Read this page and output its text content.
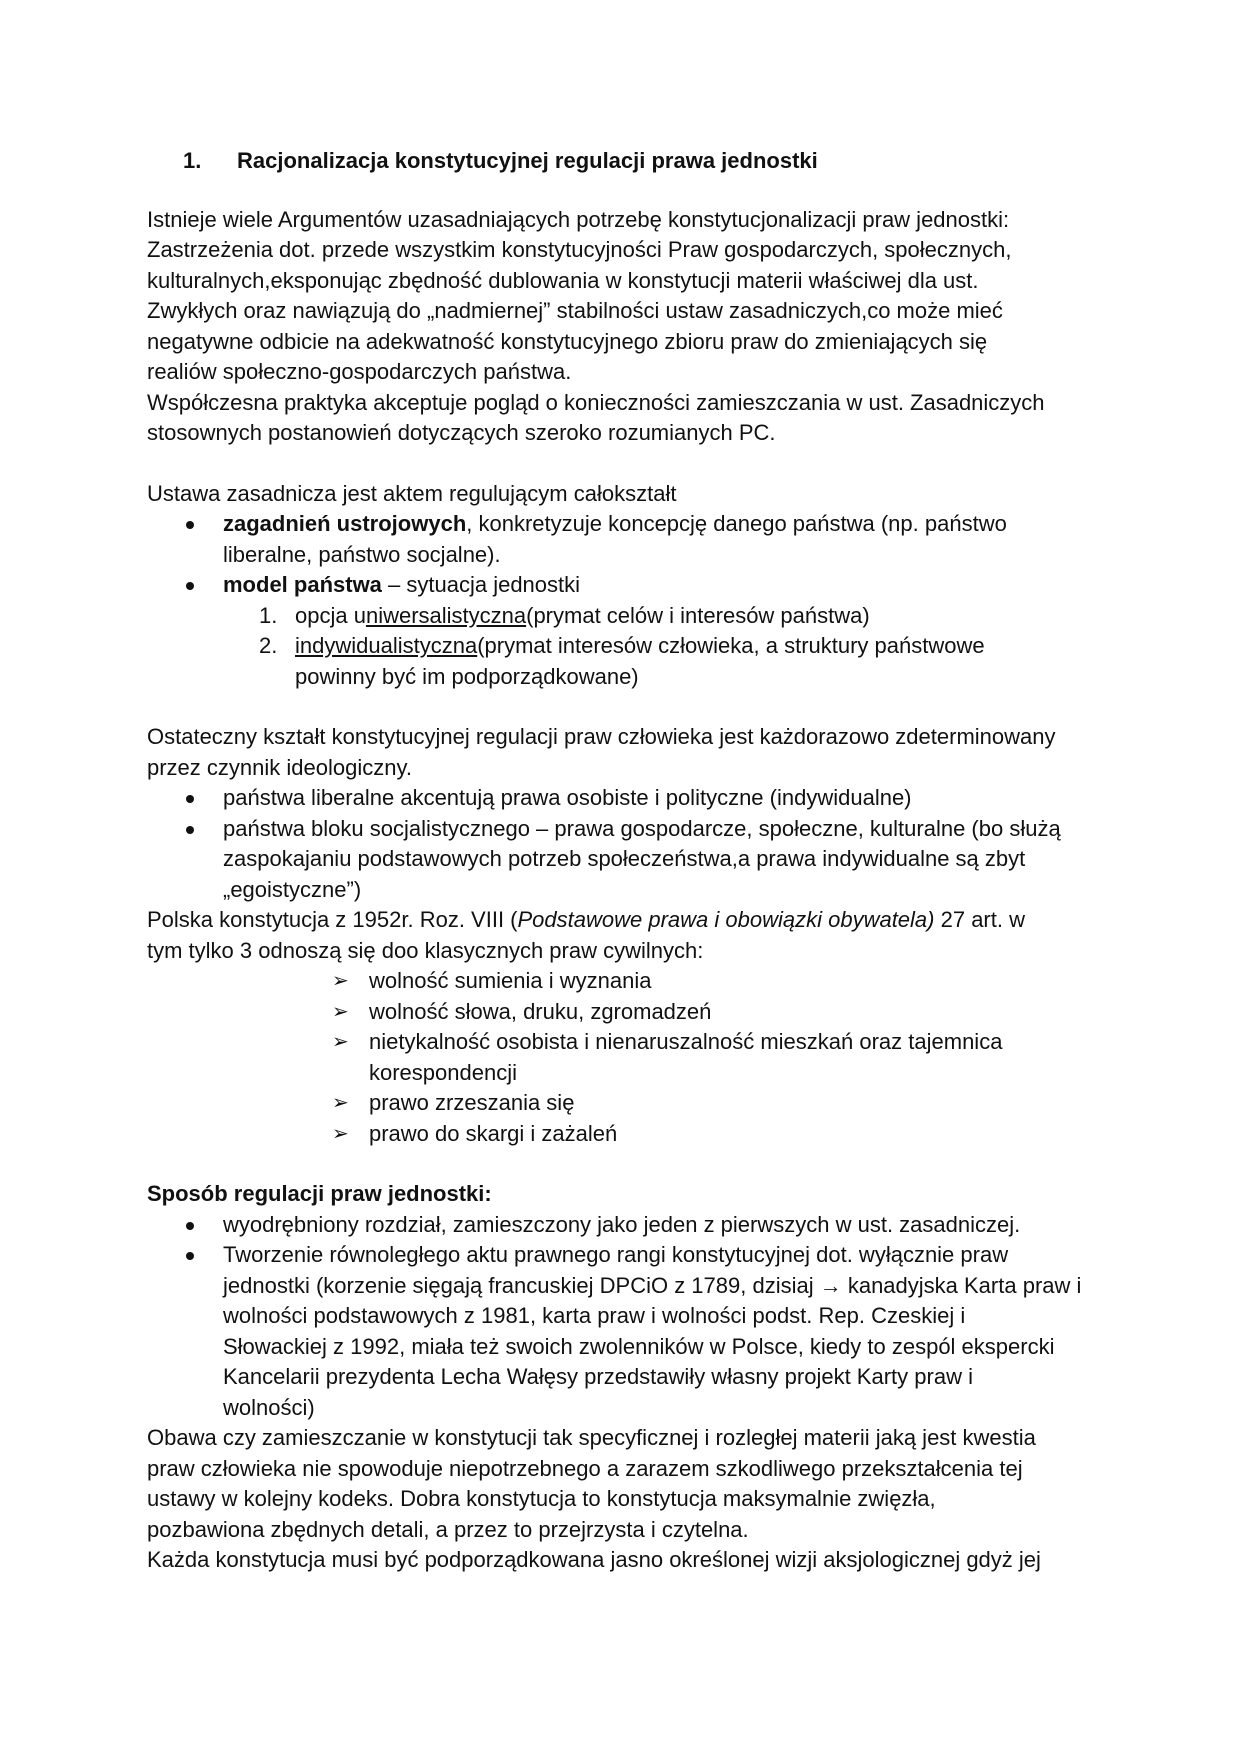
1.	Racjonalizacja konstytucyjnej regulacji prawa jednostki
Istnieje wiele Argumentów uzasadniających potrzebę konstytucjonalizacji praw jednostki:
Zastrzeżenia dot. przede wszystkim konstytucyjności Praw gospodarczych, społecznych,
kulturalnych,eksponując zbędność dublowania w konstytucji materii właściwej dla ust.
Zwykłych oraz nawiązują do „nadmiernej” stabilności ustaw zasadniczych,co może mieć
negatywne odbicie na adekwatność konstytucyjnego zbioru praw do zmieniających się
realiów społeczno-gospodarczych państwa.
Współczesna praktyka akceptuje pogląd o konieczności zamieszczania w ust. Zasadniczych
stosownych postanowień dotyczących szeroko rozumianych PC.
Ustawa zasadnicza jest aktem regulującym całokształt
zagadnień ustrojowych, konkretyzuje koncepcję danego państwa (np. państwo
liberalne, państwo socjalne).
model państwa – sytuacja jednostki
1. opcja uniwersalistyczna(prymat celów i interesów państwa)
2. indywidualistyczna(prymat interesów człowieka, a struktury państwowe
powinny być im podporządkowane)
Ostateczny kształt konstytucyjnej regulacji praw człowieka jest każdorazowo zdeterminowany
przez czynnik ideologiczny.
państwa liberalne akcentują prawa osobiste i polityczne (indywidualne)
państwa bloku socjalistycznego – prawa gospodarcze, społeczne, kulturalne (bo służą
zaspokajaniu podstawowych potrzeb społeczeństwa,a prawa indywidualne są zbyt
„egoistyczne”)
Polska konstytucja z 1952r. Roz. VIII (Podstawowe prawa i obowiązki obywatela) 27 art. w
tym tylko 3 odnoszą się doo klasycznych praw cywilnych:
➢ wolność sumienia i wyznania
➢ wolność słowa, druku, zgromadzeń
➢ nietykalność osobista i nienaruszalność mieszkań oraz tajemnica
korespondencji
➢ prawo zrzeszania się
➢ prawo do skargi i zażaleń
Sposób regulacji praw jednostki:
wyodrębniony rozdział, zamieszczony jako jeden z pierwszych w ust. zasadniczej.
Tworzenie równoległego aktu prawnego rangi konstytucyjnej dot. wyłącznie praw
jednostki (korzenie sięgają francuskiej DPCiO z 1789, dzisiaj → kanadyjska Karta praw i
wolności podstawowych z 1981, karta praw i wolności podst. Rep. Czeskiej i
Słowackiej z 1992, miała też swoich zwolenników w Polsce, kiedy to zespól ekspercki
Kancelarii prezydenta Lecha Wałęsy przedstawiły własny projekt Karty praw i
wolności)
Obawa czy zamieszczanie w konstytucji tak specyficznej i rozległej materii jaką jest kwestia
praw człowieka nie spowoduje niepotrzebnego a zarazem szkodliwego przekształcenia tej
ustawy w kolejny kodeks. Dobra konstytucja to konstytucja maksymalnie zwięzła,
pozbawiona zbędnych detali, a przez to przejrzysta i czytelna.
Każda konstytucja musi być podporządkowana jasno określonej wizji aksjologicznej gdyż jej
